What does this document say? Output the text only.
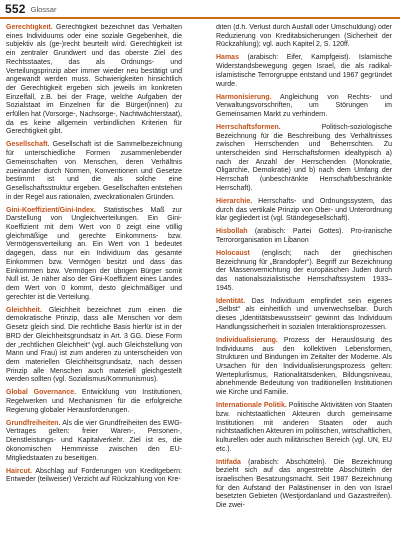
552 Glossar

Gerechtigkeit. Gerechtigkeit bezeichnet das Verhalten eines Individuums oder eine soziale Gegebenheit, die subjektiv als (ge-)recht beurteilt wird. Gerechtigkeit ist ein zentraler Grundwert und das oberste Ziel des Rechtsstaates, das als Ordnungs- und Verteilungsprinzip aber immer wieder neu bestätigt und angewandt werden muss. Schwierigkeiten hinsichtlich der Gerechtigkeit ergeben sich jeweils im konkreten Einzelfall, z.B. bei der Frage, welche Aufgaben der Sozialstaat im Einzelnen für die Bürger(innen) zu erfüllen hat (Vorsorge-, Nachsorge-, Nachtwächterstaat), da es keine allgemein verbindlichen Kriterien für Gerechtigkeit gibt.

Gesellschaft. Gesellschaft ist die Sammelbezeichnung für unterschiedliche Formen zusammenlebender Gemeinschaften von Menschen, deren Verhältnis zueinander durch Normen, Konventionen und Gesetze bestimmt ist und die als solche eine Gesellschaftsstruktur ergeben. Gesellschaften entstehen in der Regel aus rationalen, zweckrationalen Gründen.

Gini-Koeffizient/Gini-Index. Statistisches Maß zur Darstellung von Ungleichverteilungen. Ein Gini-Koeffizient mit dem Wert von 0 zeigt eine völlig gleichmäßige und gerechte Einkommens- bzw. Vermögensverteilung an. Ein Wert von 1 bedeutet dagegen, dass nur ein Individuum das gesamte Einkommen bzw. Vermögen besitzt und dass das Einkommen bzw. Vermögen der übrigen Bürger somit Null ist. Je näher also der Gini-Koeffizient eines Landes dem Wert von 0 kommt, desto gleichmäßiger und gerechter ist die Verteilung.

Gleichheit. Gleichheit bezeichnet zum einen die demokratische Prinzip, dass alle Menschen vor dem Gesetz gleich sind. Die rechtliche Basis hierfür ist in der BRD der Gleichheitsgrundsatz in Art. 3 GG. Diese Form der „rechtlichen Gleichheit“ (vgl. auch Gleichstellung von Mann und Frau) ist zum anderen zu unterscheiden von dem materiellen Gleichheitsgrundsatz, nach dessen Prinzip alle Menschen auch materiell gleichgestellt werden sollten (vgl. Sozialismus/Kommunismus).

Global Governance. Entwicklung von Institutionen, Regelwerken und Mechanismen für die erfolgreiche Regierung globaler Herausforderungen.

Grundfreiheiten. Als die vier Grundfreiheiten des EWG-Vertrages gelten: freier Waren-, Personen-, Dienstleistungs- und Kapitalverkehr. Ziel ist es, die ökonomischen Hemmnisse zwischen den EU-Mitgliedstaaten zu beseitigen.

Haircut. Abschlag auf Forderungen von Kreditgebern: Entweder (teilweiser) Verzicht auf Rückzahlung von Kre-

diten (d.h. Verlust durch Ausfall oder Umschuldung) oder Reduzierung von Kreditabsicherungen (Sicherheit der Rückzahlung); vgl. auch Kapitel 2, S. 120ff.

Hamas (arabisch: Eifer, Kampfgeist). Islamische Widerstandsbewegung gegen Israel, die als radikal-islamistische Terrorgruppe entstand und 1967 gegründet wurde.

Harmonisierung. Angleichung von Rechts- und Verwaltungsvorschriften, um Störungen im Gemeinsamen Markt zu verhindern.

Herrschaftsformen. Politisch-soziologische Bezeichnung für die Beschreibung des Verhältnisses zwischen Herrschenden und Beherrschten. Zu unterscheiden sind Herrschaftsformen idealtypisch a) nach der Anzahl der Herrschenden (Monokratie, Oligarchie, Demokratie) und b) nach dem Umfang der Herrschaft (unbeschränkte Herrschaft/beschränkte Herrschaft).

Hierarchie. Herrschafts- und Ordnungssystem, das durch das vertikale Prinzip von Ober- und Unterordnung klar gegliedert ist (vgl. Ständegesellschaft).

Hisbollah (arabisch: Partei Gottes). Pro-iranische Terrororganisation im Libanon

Holocaust (englisch; nach der griechischen Bezeichnung für „Brandopfer“). Begriff zur Bezeichnung der Massenvernichtung der europäischen Juden durch das nationalsozialistische Herrschaftssystem 1933–1945.

Identität. Das Individuum empfindet sein eigenes „Selbst“ als einheitlich und unverwechselbar. Durch dieses „Identitätsbewusstsein“ gewinnt das Individuum Handlungssicherheit in sozialen Interaktionsprozessen.

Individualisierung. Prozess der Herauslösung des Individuums aus den kollektiven Lebensformen, Strukturen und Bindungen im Zeitalter der Moderne. Als Ursachen für den Individualisierungsprozess gelten: Werteplurlismus, Rationalitätsdenken, Bildungsniveau, abnehmende Bedeutung von traditionellen Institutionen wie Kirche und Familie.

Internationale Politik. Politische Aktivitäten von Staaten bzw. nichtstaatlichen Akteuren durch gemeinsame Institutionen mit anderen Staaten oder auch nichtstaatlichen Akteuren im politischen, wirtschaftlichen, kulturellen oder auch militärischen Bereich (vgl. UN, EU etc.).

Intifada (arabisch: Abschütteln). Die Bezeichnung bezieht sich auf das angestrebte Abschütteln der israelischen Besatzungsmacht. Seit 1987 Bezeichnung für den Aufstand der Palästinenser in den von Israel besetzten Gebieten (Westjordanland und Gazastreifen). Die zwei-
